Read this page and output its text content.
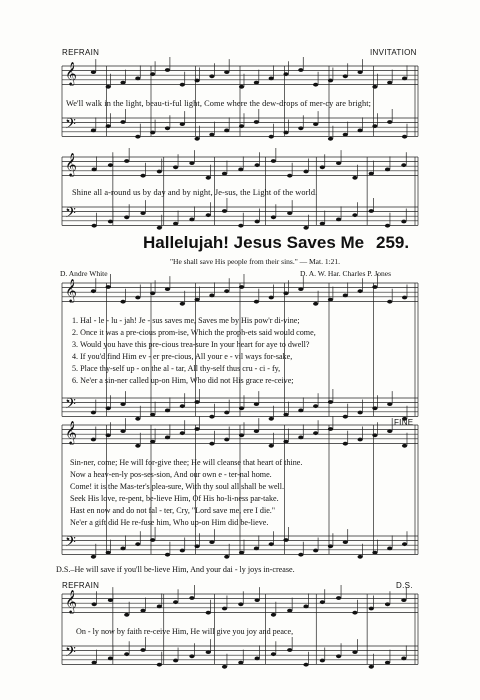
REFRAIN	INVITATION
𝄞
𝄢
𝄞
𝄢
𝄞
𝄢
𝄞
𝄢
𝄞
𝄢
We'll walk in the light, beau-ti-ful light, Come where the dew-drops of mer-cy are bright;
Shine all a-round us by day and by night, Je-sus, the Light of the world.
Hallelujah! Jesus Saves Me 259.
"He shall save His people from their sins." — Mat. 1:21.
D. Andre White	D. A. W. Har. Charles P. Jones
1. Hal - le - lu - jah! Je - sus saves me, Saves me by His pow'r di-vine;
2. Once it was a pre-cious prom-ise, Which the proph-ets said would come,
3. Would you have this pre-cious trea-sure In your heart for aye to dwell?
4. If you'd find Him ev - er pre-cious, All your e - vil ways for-sake,
5. Place thy-self up - on the al - tar, All thy-self thus cru - ci - fy,
6. Ne'er a sin-ner called up-on Him, Who did not His grace re-ceive;
FINE
Sin-ner, come; He will for-give thee; He will cleanse that heart of thine.
Now a heav-en-ly pos-ses-sion, And our own e - ter-nal home.
Come! it is the Mas-ter's plea-sure, With thy soul all shall be well.
Seek His love, re-pent, be-lieve Him, Of His ho-li-ness par-take.
Hast en now and do not fal - ter, Cry, "Lord save me, ere I die."
Ne'er a gift did He re-fuse him, Who up-on Him did be-lieve.
D.S.–He will save if you'll be-lieve Him, And your dai - ly joys in-crease.
REFRAIN	D.S.
On - ly now by faith re-ceive Him, He will give you joy and peace,
